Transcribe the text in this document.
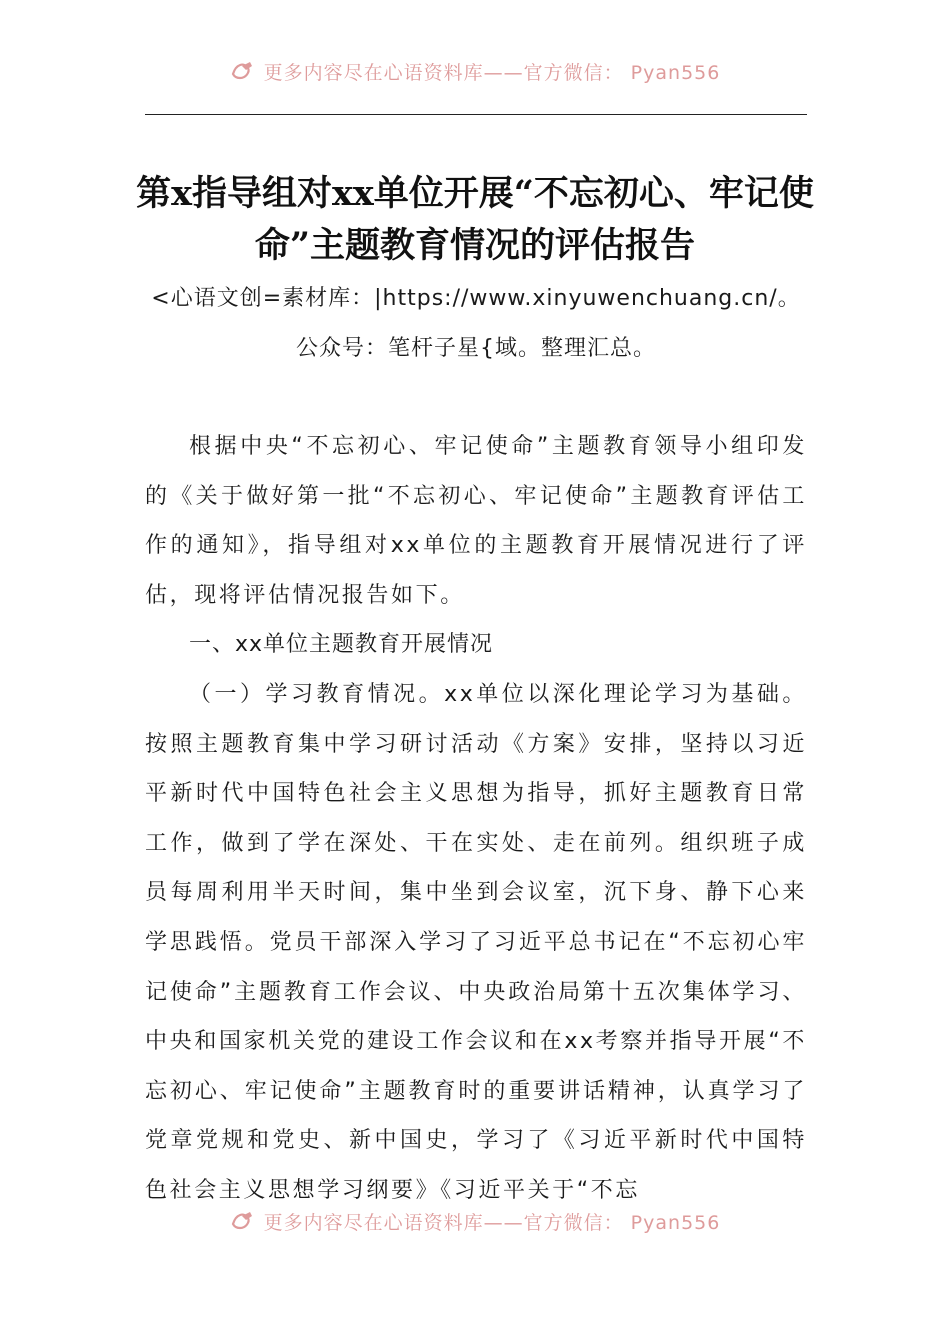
更多内容尽在心语资料库——官方微信： Pyan556
第x指导组对xx单位开展“不忘初心、牢记使命”主题教育情况的评估报告
<心语文创=素材库：|https://www.xinyuwenchuang.cn/。公众号：笔杆子星{域。整理汇总。

根据中央“不忘初心、牢记使命”主题教育领导小组印发的《关于做好第一批“不忘初心、牢记使命”主题教育评估工作的通知》，指导组对xx单位的主题教育开展情况进行了评估，现将评估情况报告如下。

一、xx单位主题教育开展情况

（一）学习教育情况。xx单位以深化理论学习为基础。按照主题教育集中学习研讨活动《方案》安排，坚持以习近平新时代中国特色社会主义思想为指导，抓好主题教育日常工作，做到了学在深处、干在实处、走在前列。组织班子成员每周利用半天时间，集中坐到会议室，沉下身、静下心来学思践悟。党员干部深入学习了习近平总书记在“不忘初心牢记使命”主题教育工作会议、中央政治局第十五次集体学习、中央和国家机关党的建设工作会议和在xx考察并指导开展“不忘初心、牢记使命”主题教育时的重要讲话精神，认真学习了党章党规和党史、新中国史，学习了《习近平新时代中国特色社会主义思想学习纲要》《习近平关于“不忘

更多内容尽在心语资料库——官方微信： Pyan556
